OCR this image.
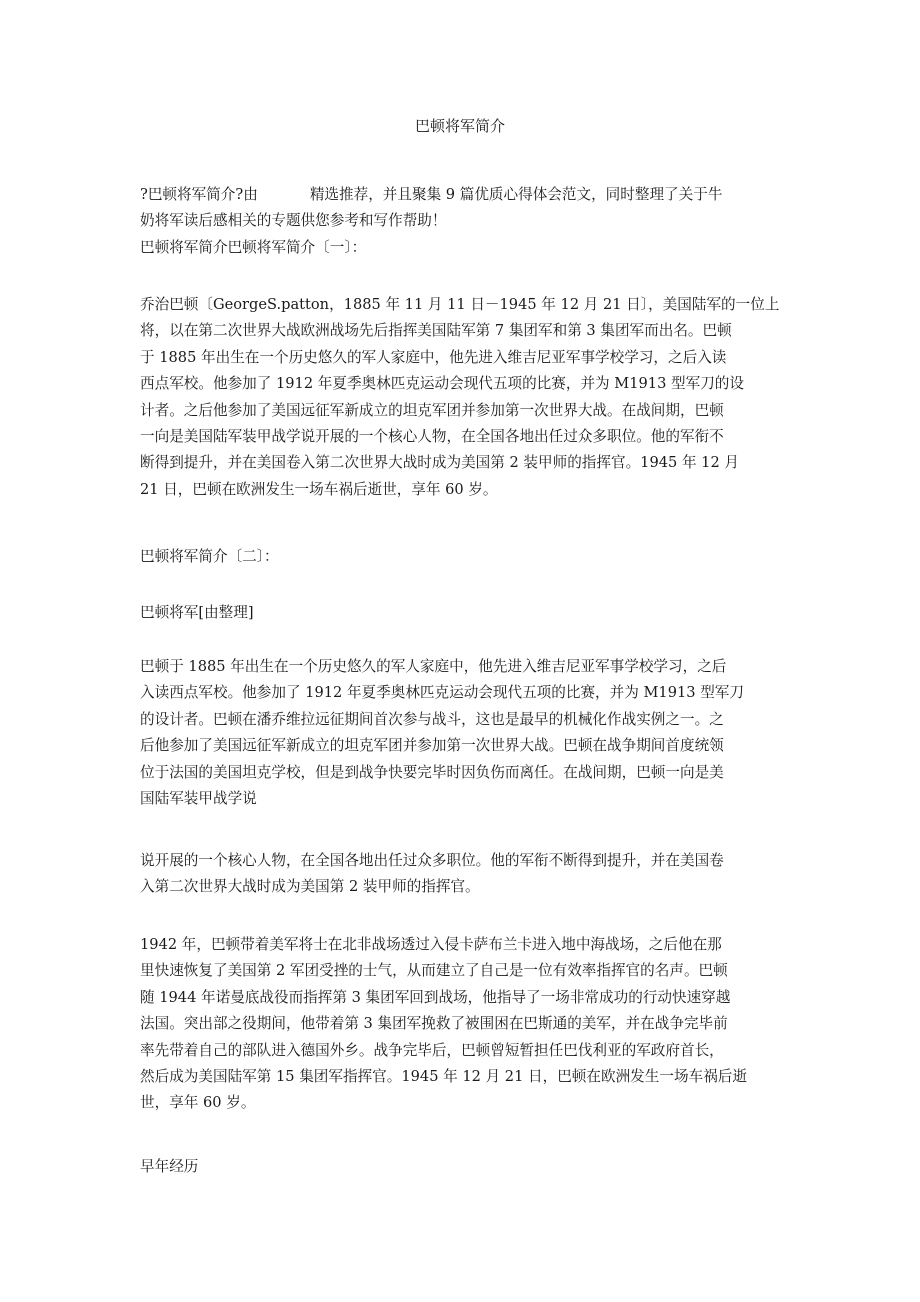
巴顿将军简介
?巴顿将军简介?由	精选推荐，并且聚集 9 篇优质心得体会范文，同时整理了关于牛
奶将军读后感相关的专题供您参考和写作帮助！
巴顿将军简介巴顿将军简介〔一〕：
乔治巴顿〔GeorgeS.patton，1885 年 11 月 11 日－1945 年 12 月 21 日〕，美国陆军的一位上
将，以在第二次世界大战欧洲战场先后指挥美国陆军第 7 集团军和第 3 集团军而出名。巴顿
于 1885 年出生在一个历史悠久的军人家庭中，他先进入维吉尼亚军事学校学习，之后入读
西点军校。他参加了 1912 年夏季奥林匹克运动会现代五项的比赛，并为 M1913 型军刀的设
计者。之后他参加了美国远征军新成立的坦克军团并参加第一次世界大战。在战间期，巴顿
一向是美国陆军装甲战学说开展的一个核心人物，在全国各地出任过众多职位。他的军衔不
断得到提升，并在美国卷入第二次世界大战时成为美国第 2 装甲师的指挥官。1945 年 12 月
21 日，巴顿在欧洲发生一场车祸后逝世，享年 60 岁。
巴顿将军简介〔二〕：
巴顿将军[由整理]
巴顿于 1885 年出生在一个历史悠久的军人家庭中，他先进入维吉尼亚军事学校学习，之后
入读西点军校。他参加了 1912 年夏季奥林匹克运动会现代五项的比赛，并为 M1913 型军刀
的设计者。巴顿在潘乔维拉远征期间首次参与战斗，这也是最早的机械化作战实例之一。之
后他参加了美国远征军新成立的坦克军团并参加第一次世界大战。巴顿在战争期间首度统领
位于法国的美国坦克学校，但是到战争快要完毕时因负伤而离任。在战间期，巴顿一向是美
国陆军装甲战学说
说开展的一个核心人物，在全国各地出任过众多职位。他的军衔不断得到提升，并在美国卷
入第二次世界大战时成为美国第 2 装甲师的指挥官。
1942 年，巴顿带着美军将士在北非战场透过入侵卡萨布兰卡进入地中海战场，之后他在那
里快速恢复了美国第 2 军团受挫的士气，从而建立了自己是一位有效率指挥官的名声。巴顿
随 1944 年诺曼底战役而指挥第 3 集团军回到战场，他指导了一场非常成功的行动快速穿越
法国。突出部之役期间，他带着第 3 集团军挽救了被围困在巴斯通的美军，并在战争完毕前
率先带着自己的部队进入德国外乡。战争完毕后，巴顿曾短暂担任巴伐利亚的军政府首长，
然后成为美国陆军第 15 集团军指挥官。1945 年 12 月 21 日，巴顿在欧洲发生一场车祸后逝
世，享年 60 岁。
早年经历
